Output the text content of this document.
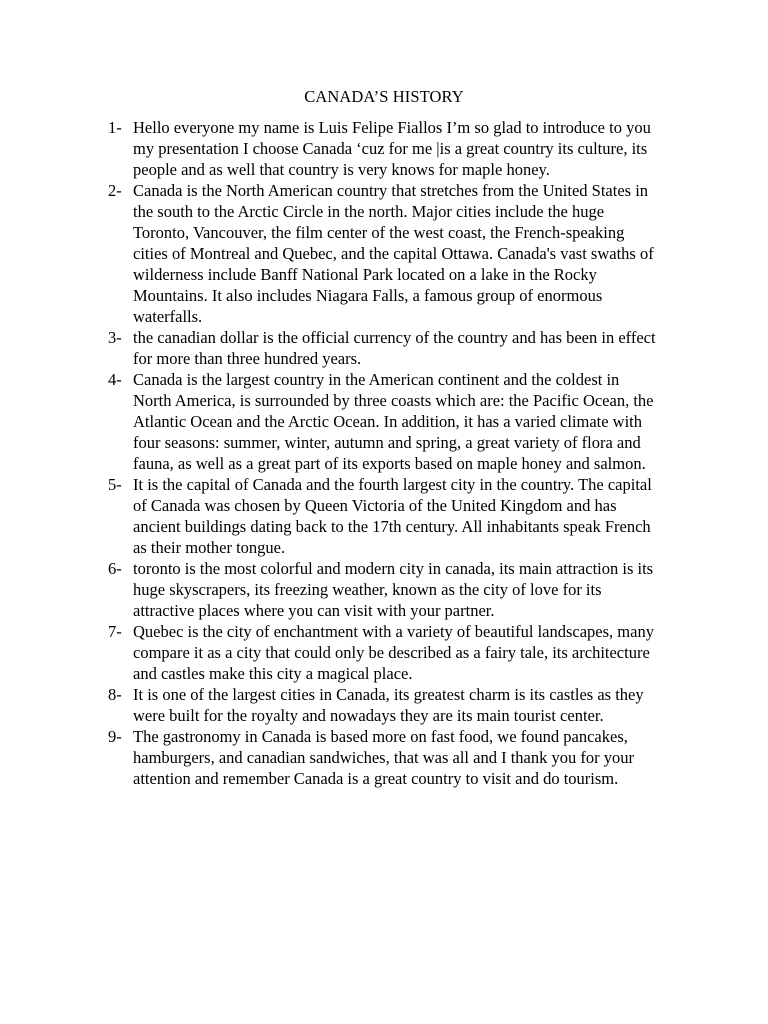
CANADA’S HISTORY
1- Hello everyone my name is Luis Felipe Fiallos I’m so glad to introduce to you my presentation I choose Canada ‘cuz for me |is a great country its culture, its people and as well that country is very knows for maple honey.
2- Canada is the North American country that stretches from the United States in the south to the Arctic Circle in the north. Major cities include the huge Toronto, Vancouver, the film center of the west coast, the French-speaking cities of Montreal and Quebec, and the capital Ottawa. Canada's vast swaths of wilderness include Banff National Park located on a lake in the Rocky Mountains. It also includes Niagara Falls, a famous group of enormous waterfalls.
3- the canadian dollar is the official currency of the country and has been in effect for more than three hundred years.
4- Canada is the largest country in the American continent and the coldest in North America, is surrounded by three coasts which are: the Pacific Ocean, the Atlantic Ocean and the Arctic Ocean. In addition, it has a varied climate with four seasons: summer, winter, autumn and spring, a great variety of flora and fauna, as well as a great part of its exports based on maple honey and salmon.
5- It is the capital of Canada and the fourth largest city in the country. The capital of Canada was chosen by Queen Victoria of the United Kingdom and has ancient buildings dating back to the 17th century. All inhabitants speak French as their mother tongue.
6- toronto is the most colorful and modern city in canada, its main attraction is its huge skyscrapers, its freezing weather, known as the city of love for its attractive places where you can visit with your partner.
7- Quebec is the city of enchantment with a variety of beautiful landscapes, many compare it as a city that could only be described as a fairy tale, its architecture and castles make this city a magical place.
8- It is one of the largest cities in Canada, its greatest charm is its castles as they were built for the royalty and nowadays they are its main tourist center.
9- The gastronomy in Canada is based more on fast food, we found pancakes, hamburgers, and canadian sandwiches, that was all and I thank you for your attention and remember Canada is a great country to visit and do tourism.
